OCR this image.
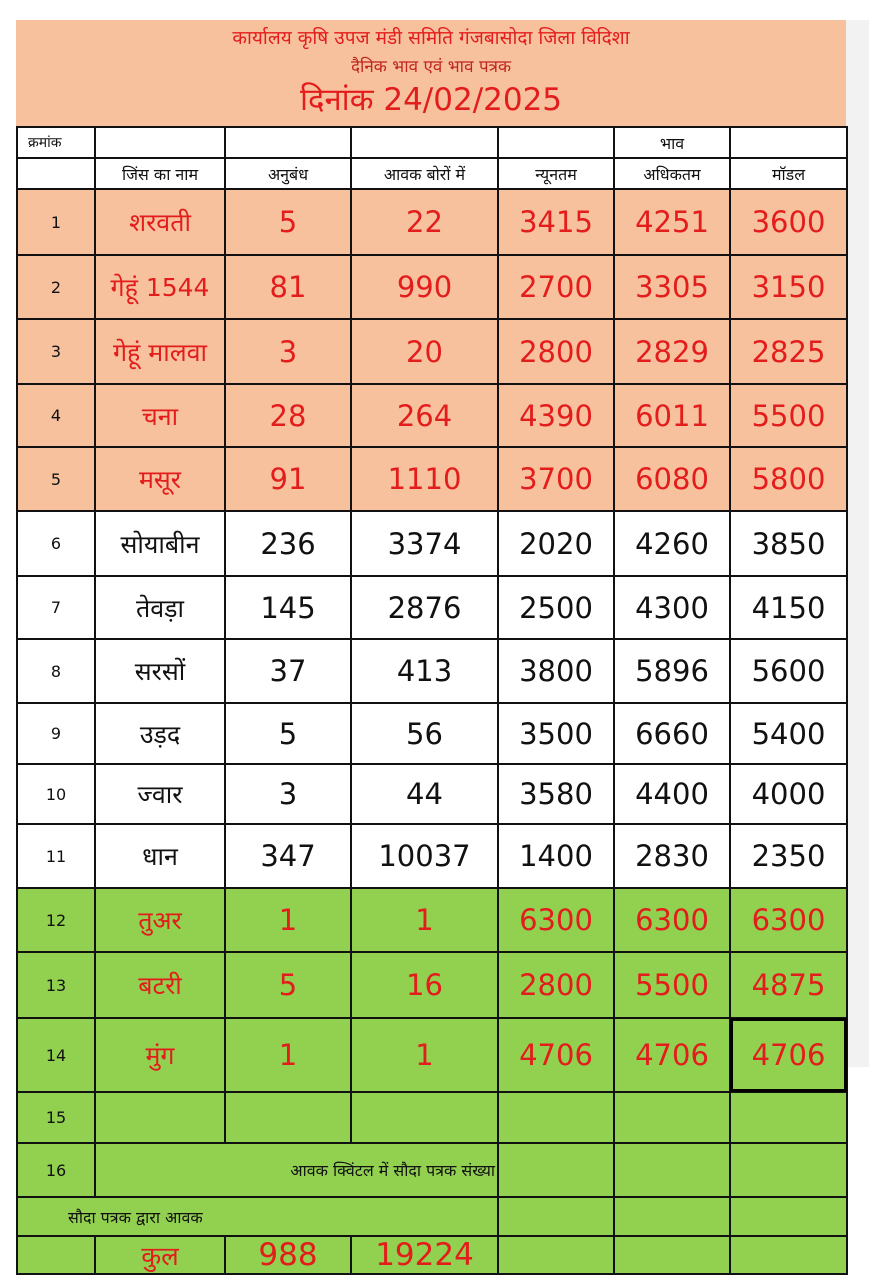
कार्यालय कृषि उपज मंडी समिति गंजबासोदा जिला विदिशा
दैनिक भाव एवं भाव पत्रक
दिनांक 24/02/2025
क्रमांक					भाव	
	जिंस का नाम	अनुबंध	आवक बोरों में	न्यूनतम	अधिकतम	मॉडल
1	शरवती	5	22	3415	4251	3600
2	गेहूं 1544	81	990	2700	3305	3150
3	गेहूं मालवा	3	20	2800	2829	2825
4	चना	28	264	4390	6011	5500
5	मसूर	91	1110	3700	6080	5800
6	सोयाबीन	236	3374	2020	4260	3850
7	तेवड़ा	145	2876	2500	4300	4150
8	सरसों	37	413	3800	5896	5600
9	उड़द	5	56	3500	6660	5400
10	ज्वार	3	44	3580	4400	4000
11	धान	347	10037	1400	2830	2350
12	तुअर	1	1	6300	6300	6300
13	बटरी	5	16	2800	5500	4875
14	मुंग	1	1	4706	4706	4706
15						
16	आवक क्विंटल में सौदा पत्रक संख्या					
सौदा पत्रक द्वारा आवक						
	कुल	988	19224			
